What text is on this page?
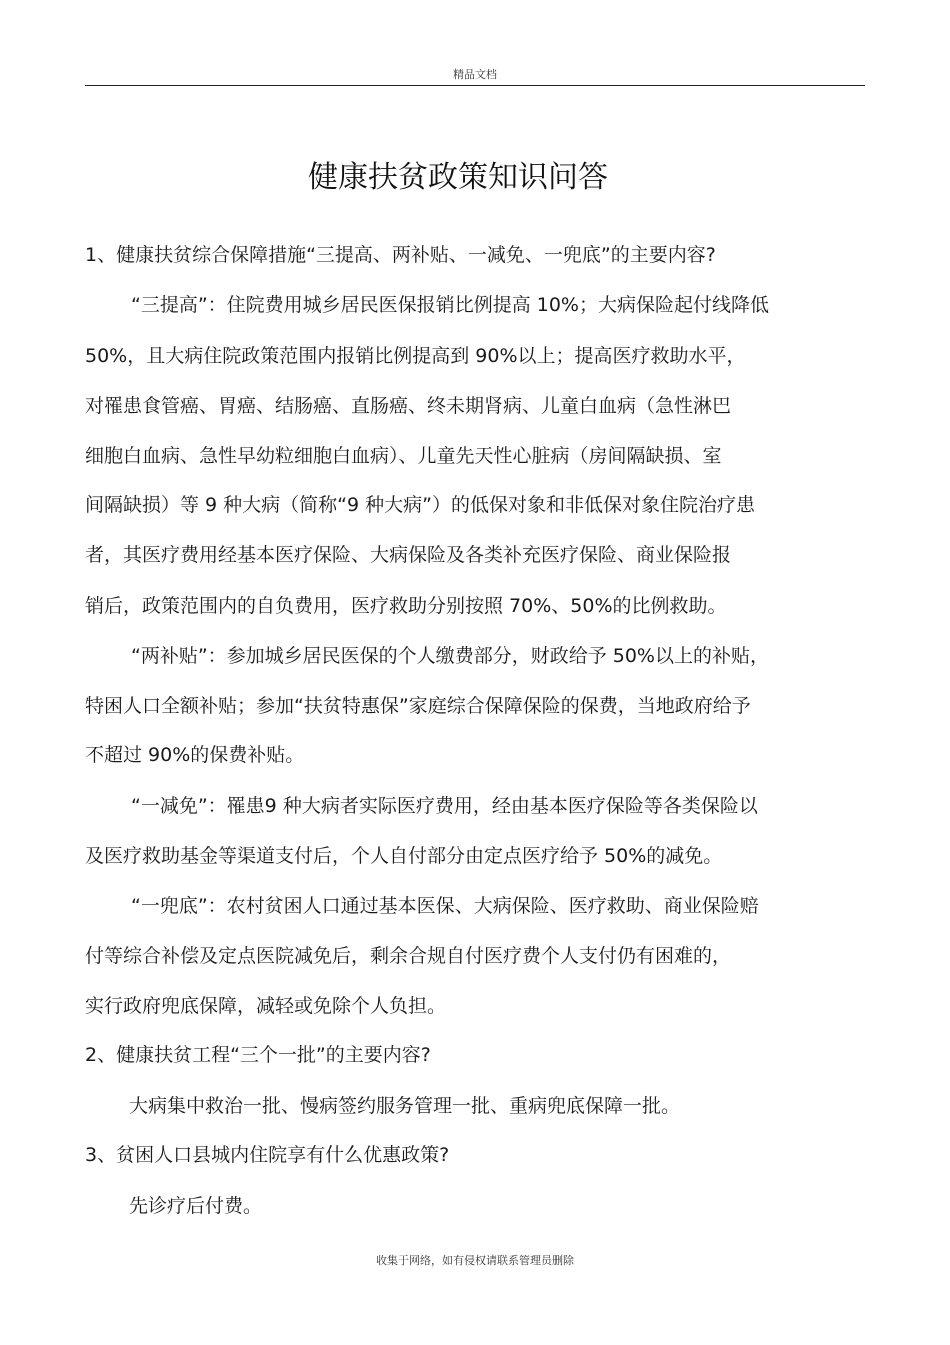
精品文档
健康扶贫政策知识问答
1、健康扶贫综合保障措施“三提高、两补贴、一减免、一兜底”的主要内容?
“三提高”：住院费用城乡居民医保报销比例提高 10%；大病保险起付线降低
50%，且大病住院政策范围内报销比例提高到 90%以上；提高医疗救助水平，
对罹患食管癌、胃癌、结肠癌、直肠癌、终未期肾病、儿童白血病（急性淋巴
细胞白血病、急性早幼粒细胞白血病）、儿童先天性心脏病（房间隔缺损、室
间隔缺损）等 9 种大病（简称“9 种大病”）的低保对象和非低保对象住院治疗患
者，其医疗费用经基本医疗保险、大病保险及各类补充医疗保险、商业保险报
销后，政策范围内的自负费用，医疗救助分别按照 70%、50%的比例救助。
“两补贴”：参加城乡居民医保的个人缴费部分，财政给予 50%以上的补贴，
特困人口全额补贴；参加“扶贫特惠保”家庭综合保障保险的保费，当地政府给予
不超过 90%的保费补贴。
“一减免”：罹患9 种大病者实际医疗费用，经由基本医疗保险等各类保险以
及医疗救助基金等渠道支付后，个人自付部分由定点医疗给予 50%的减免。
“一兜底”：农村贫困人口通过基本医保、大病保险、医疗救助、商业保险赔
付等综合补偿及定点医院减免后，剩余合规自付医疗费个人支付仍有困难的，
实行政府兜底保障，减轻或免除个人负担。
2、健康扶贫工程“三个一批”的主要内容?
大病集中救治一批、慢病签约服务管理一批、重病兜底保障一批。
3、贫困人口县城内住院享有什么优惠政策?
先诊疗后付费。
收集于网络，如有侵权请联系管理员删除
